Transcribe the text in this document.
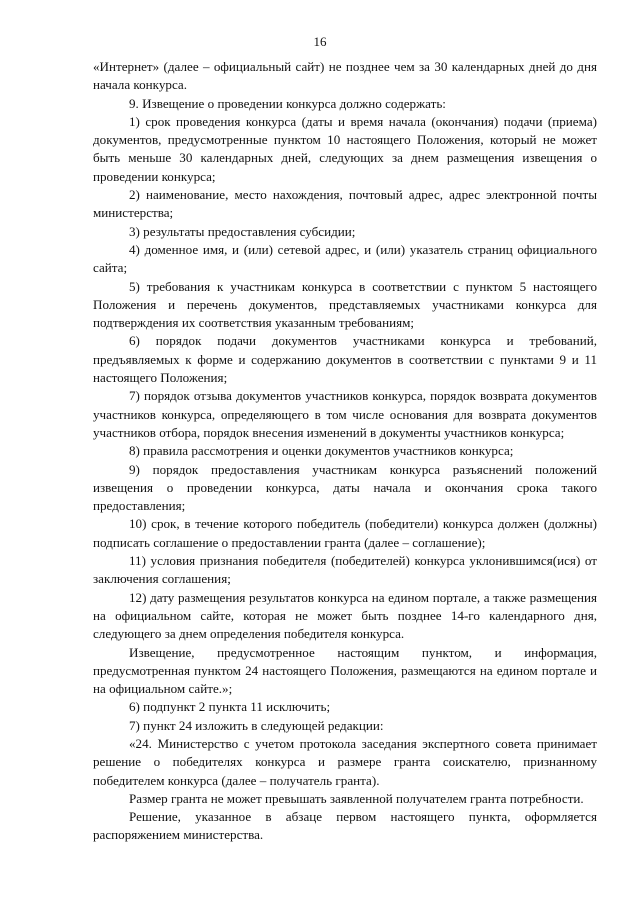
16

«Интернет» (далее – официальный сайт) не позднее чем за 30 календарных дней до дня начала конкурса.

9. Извещение о проведении конкурса должно содержать:

1) срок проведения конкурса (даты и время начала (окончания) подачи (приема) документов, предусмотренные пунктом 10 настоящего Положения, который не может быть меньше 30 календарных дней, следующих за днем размещения извещения о проведении конкурса;

2) наименование, место нахождения, почтовый адрес, адрес электронной почты министерства;

3) результаты предоставления субсидии;

4) доменное имя, и (или) сетевой адрес, и (или) указатель страниц официального сайта;

5) требования к участникам конкурса в соответствии с пунктом 5 настоящего Положения и перечень документов, представляемых участниками конкурса для подтверждения их соответствия указанным требованиям;

6) порядок подачи документов участниками конкурса и требований, предъявляемых к форме и содержанию документов в соответствии с пунктами 9 и 11 настоящего Положения;

7) порядок отзыва документов участников конкурса, порядок возврата документов участников конкурса, определяющего в том числе основания для возврата документов участников отбора, порядок внесения изменений в документы участников конкурса;

8) правила рассмотрения и оценки документов участников конкурса;

9) порядок предоставления участникам конкурса разъяснений положений извещения о проведении конкурса, даты начала и окончания срока такого предоставления;

10) срок, в течение которого победитель (победители) конкурса должен (должны) подписать соглашение о предоставлении гранта (далее – соглашение);

11) условия признания победителя (победителей) конкурса уклонившимся(ися) от заключения соглашения;

12) дату размещения результатов конкурса на едином портале, а также размещения на официальном сайте, которая не может быть позднее 14-го календарного дня, следующего за днем определения победителя конкурса.

Извещение, предусмотренное настоящим пунктом, и информация, предусмотренная пунктом 24 настоящего Положения, размещаются на едином портале и на официальном сайте.»;

6) подпункт 2 пункта 11 исключить;

7) пункт 24 изложить в следующей редакции:

«24. Министерство с учетом протокола заседания экспертного совета принимает решение о победителях конкурса и размере гранта соискателю, признанному победителем конкурса (далее – получатель гранта).

Размер гранта не может превышать заявленной получателем гранта потребности.

Решение, указанное в абзаце первом настоящего пункта, оформляется распоряжением министерства.
